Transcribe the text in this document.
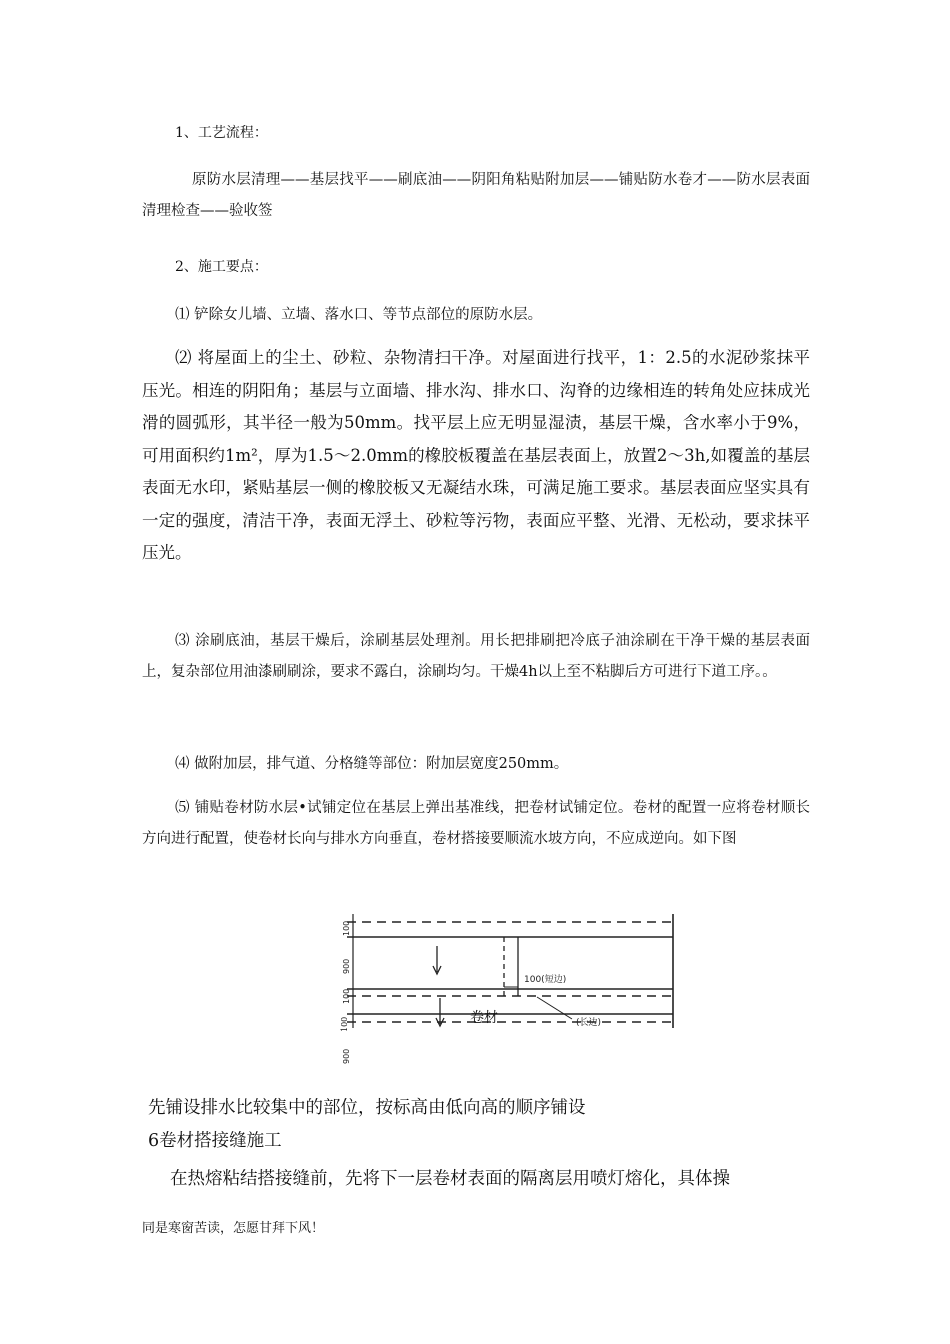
1、工艺流程：

原防水层清理——基层找平——刷底油——阴阳角粘贴附加层——铺贴防水卷才——防水层表面清理检查——验收签

2、施工要点：

⑴ 铲除女儿墙、立墙、落水口、等节点部位的原防水层。

⑵ 将屋面上的尘土、砂粒、杂物清扫干净。对屋面进行找平，1：2.5的水泥砂浆抹平压光。相连的阴阳角；基层与立面墙、排水沟、排水口、沟脊的边缘相连的转角处应抹成光滑的圆弧形，其半径一般为50mm。找平层上应无明显湿渍，基层干燥，含水率小于9%，可用面积约1m²，厚为1.5～2.0mm的橡胶板覆盖在基层表面上，放置2～3h,如覆盖的基层表面无水印，紧贴基层一侧的橡胶板又无凝结水珠，可满足施工要求。基层表面应坚实具有一定的强度，清洁干净，表面无浮土、砂粒等污物，表面应平整、光滑、无松动，要求抹平压光。

⑶ 涂刷底油，基层干燥后，涂刷基层处理剂。用长把排刷把冷底子油涂刷在干净干燥的基层表面上，复杂部位用油漆刷刷涂，要求不露白，涂刷均匀。干燥4h以上至不粘脚后方可进行下道工序。。

⑷ 做附加层，排气道、分格缝等部位：附加层宽度250mm。

⑸ 铺贴卷材防水层•试铺定位在基层上弹出基准线，把卷材试铺定位。卷材的配置一应将卷材顺长方向进行配置，使卷材长向与排水方向垂直，卷材搭接要顺流水坡方向，不应成逆向。如下图

100
900
100
900
100(短边)
(长边)
卷材
100

先铺设排水比较集中的部位，按标高由低向高的顺序铺设

6卷材搭接缝施工

在热熔粘结搭接缝前，先将下一层卷材表面的隔离层用喷灯熔化，具体操

同是寒窗苦读，怎愿甘拜下风！
